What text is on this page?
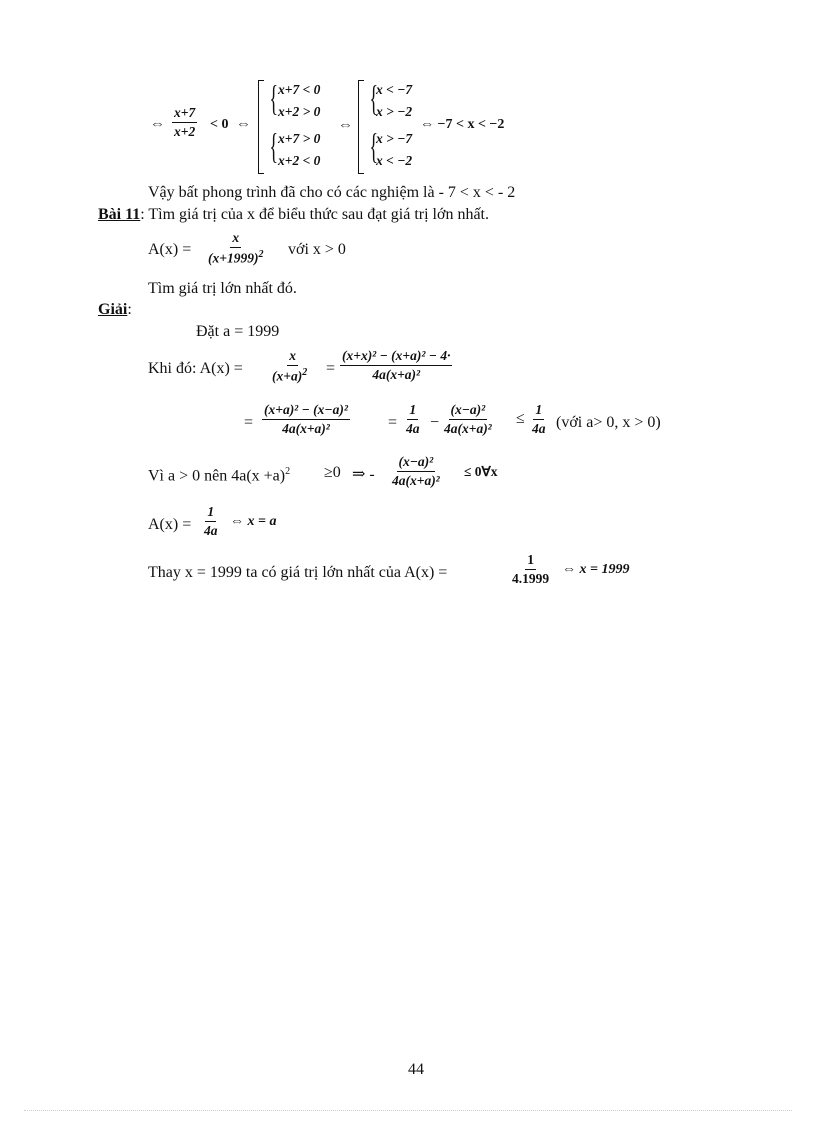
⇔ $\frac{x+7}{x+2} < 0$ ⇔
{
{
x+7 < 0
x+2 > 0
x+7 > 0
x+2 < 0
⇔
{
{
x < −7
x > −2
x > −7
x < −2
⇔ −7 < x < −2
Vậy bất phong trình đã cho có các nghiệm là - 7 < x < - 2
Bài 11: Tìm giá trị của x để biểu thức sau đạt giá trị lớn nhất.
$A(x) = \frac{x}{(x+1999)^2}$ với x > 0
Tìm giá trị lớn nhất đó.
Giải:
Đặt a = 1999
Khi đó: $A(x) = \frac{x}{(x+a)^2} = \frac{\text{(x+x)² − (x+a)² − 4·}}{\text{4a(x+a)²}}$
= $\frac{\text{(x+a)² − (x−a)²}}{\text{4a(x+a)²}} = \frac{1}{4a} - \frac{\text{(x−a)²}}{\text{4a(x+a)²}} \le \frac{1}{4a}$ (với a> 0, x > 0)
Vì a > 0 nên $4a(x +a)^2 \ge 0$ ⇒ - $\frac{\text{(x−a)²}}{\text{4a(x+a)²}}$ ≤ 0∀x
$A(x) = \frac{1}{4a}$ ⇔ x = a
Thay x = 1999 ta có giá trị lớn nhất của A(x) =	$\frac{1}{4.1999}$ ⇔ x = 1999
44
